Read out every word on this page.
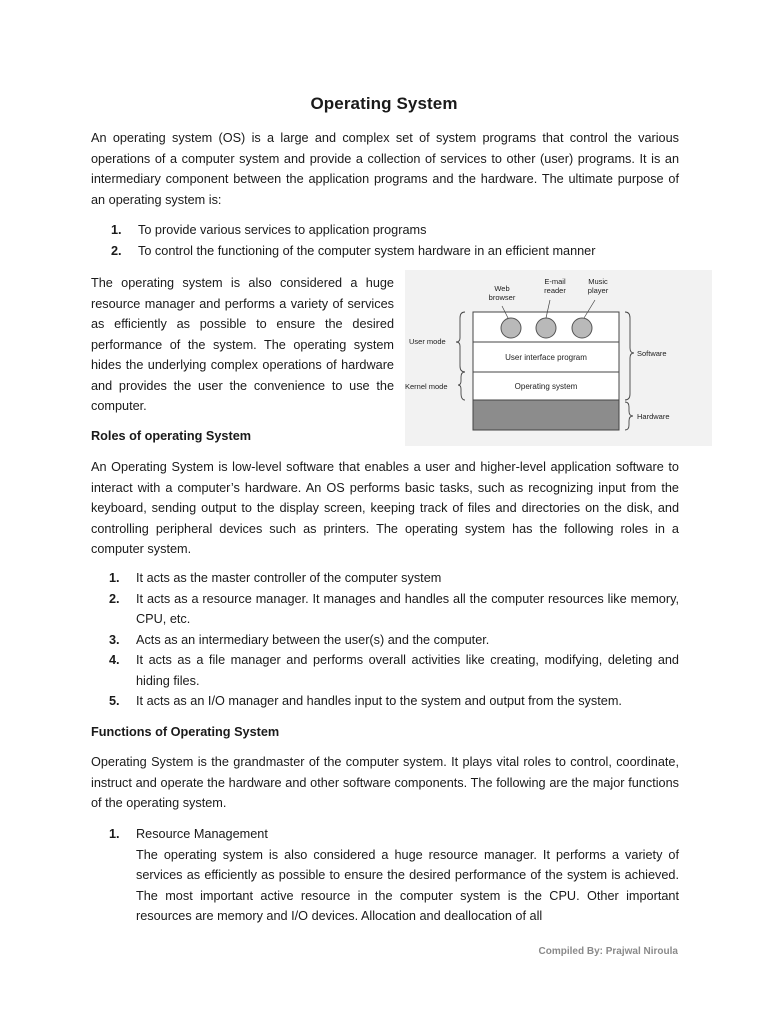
Operating System

An operating system (OS) is a large and complex set of system programs that control the various operations of a computer system and provide a collection of services to other (user) programs. It is an intermediary component between the application programs and the hardware. The ultimate purpose of an operating system is:

1. To provide various services to application programs
2. To control the functioning of the computer system hardware in an efficient manner

The operating system is also considered a huge resource manager and performs a variety of services as efficiently as possible to ensure the desired performance of the system. The operating system hides the underlying complex operations of hardware and provides the user the convenience to use the computer.

Web browser
E-mail reader
Music player
User interface program
Operating system
User mode
Kernel mode
Software
Hardware
Roles of operating System

An Operating System is low-level software that enables a user and higher-level application software to interact with a computer’s hardware. An OS performs basic tasks, such as recognizing input from the keyboard, sending output to the display screen, keeping track of files and directories on the disk, and controlling peripheral devices such as printers. The operating system has the following roles in a computer system.

1. It acts as the master controller of the computer system
2. It acts as a resource manager. It manages and handles all the computer resources like memory, CPU, etc.
3. Acts as an intermediary between the user(s) and the computer.
4. It acts as a file manager and performs overall activities like creating, modifying, deleting and hiding files.
5. It acts as an I/O manager and handles input to the system and output from the system.
Functions of Operating System

Operating System is the grandmaster of the computer system. It plays vital roles to control, coordinate, instruct and operate the hardware and other software components. The following are the major functions of the operating system.

1. Resource Management
The operating system is also considered a huge resource manager. It performs a variety of services as efficiently as possible to ensure the desired performance of the system is achieved. The most important active resource in the computer system is the CPU. Other important resources are memory and I/O devices. Allocation and deallocation of all
Compiled By: Prajwal Niroula
